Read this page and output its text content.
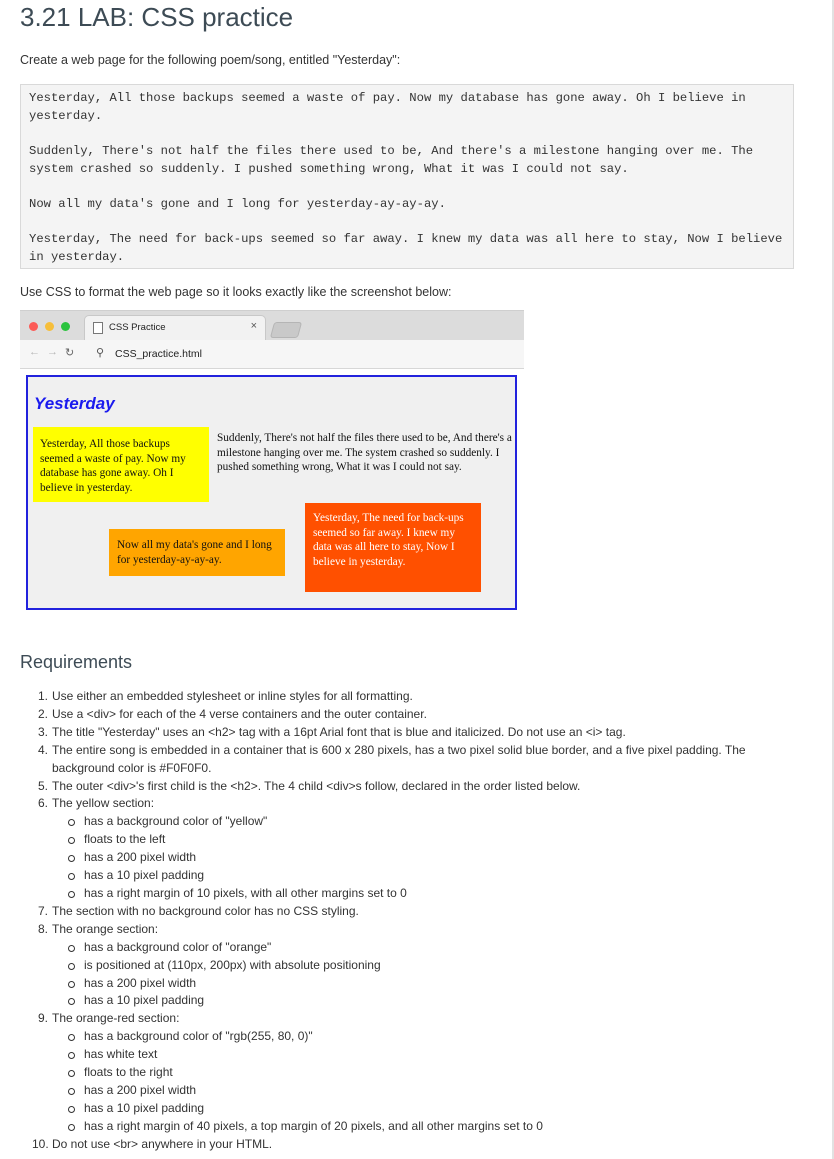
3.21 LAB: CSS practice
Create a web page for the following poem/song, entitled "Yesterday":

Yesterday, All those backups seemed a waste of pay. Now my database has gone away. Oh I believe in yesterday.

Suddenly, There's not half the files there used to be, And there's a milestone hanging over me. The system crashed so suddenly. I pushed something wrong, What it was I could not say.

Now all my data's gone and I long for yesterday-ay-ay-ay.

Yesterday, The need for back-ups seemed so far away. I knew my data was all here to stay, Now I believe in yesterday.

Use CSS to format the web page so it looks exactly like the screenshot below:
CSS Practice	×
← → ↻ ⚲ CSS_practice.html
Yesterday
Yesterday, All those backups seemed a waste of pay. Now my database has gone away. Oh I believe in yesterday.
Suddenly, There's not half the files there used to be, And there's a milestone hanging over me. The system crashed so suddenly. I pushed something wrong, What it was I could not say.
Now all my data's gone and I long for yesterday-ay-ay-ay.
Yesterday, The need for back-ups seemed so far away. I knew my data was all here to stay, Now I believe in yesterday.
Requirements
1. Use either an embedded stylesheet or inline styles for all formatting.
2. Use a <div> for each of the 4 verse containers and the outer container.
3. The title "Yesterday" uses an <h2> tag with a 16pt Arial font that is blue and italicized. Do not use an <i> tag.
4. The entire song is embedded in a container that is 600 x 280 pixels, has a two pixel solid blue border, and a five pixel padding. The background color is #F0F0F0.
5. The outer <div>'s first child is the <h2>. The 4 child <div>s follow, declared in the order listed below.
6. The yellow section:
has a background color of "yellow"
floats to the left
has a 200 pixel width
has a 10 pixel padding
has a right margin of 10 pixels, with all other margins set to 0
7. The section with no background color has no CSS styling.
8. The orange section:
has a background color of "orange"
is positioned at (110px, 200px) with absolute positioning
has a 200 pixel width
has a 10 pixel padding
9. The orange-red section:
has a background color of "rgb(255, 80, 0)"
has white text
floats to the right
has a 200 pixel width
has a 10 pixel padding
has a right margin of 40 pixels, a top margin of 20 pixels, and all other margins set to 0
10. Do not use <br> anywhere in your HTML.
